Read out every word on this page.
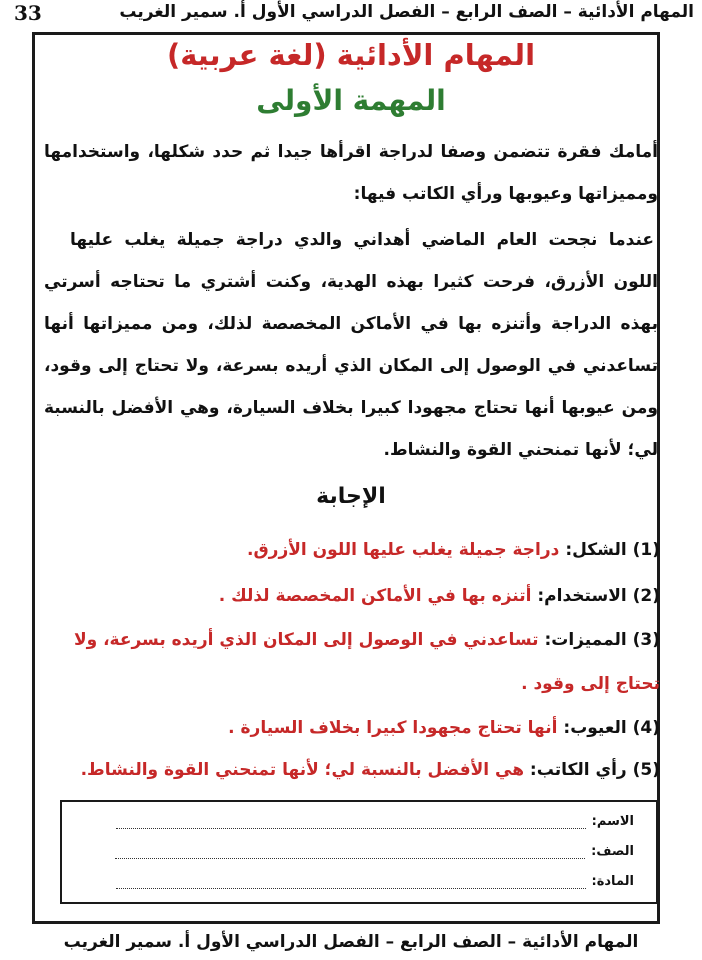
المهام الأدائية – الصف الرابع – الفصل الدراسي الأول أ. سمير الغريب
33
المهام الأدائية (لغة عربية)
المهمة الأولى
أمامك فقرة تتضمن وصفا لدراجة اقرأها جيدا ثم حدد شكلها، واستخدامها
ومميزاتها وعيوبها ورأي الكاتب فيها:
عندما نجحت العام الماضي أهداني والدي دراجة جميلة يغلب عليها
اللون الأزرق، فرحت كثيرا بهذه الهدية، وكنت أشتري ما تحتاجه أسرتي
بهذه الدراجة وأتنزه بها في الأماكن المخصصة لذلك، ومن مميزاتها أنها
تساعدني في الوصول إلى المكان الذي أريده بسرعة، ولا تحتاج إلى وقود،
ومن عيوبها أنها تحتاج مجهودا كبيرا بخلاف السيارة، وهي الأفضل بالنسبة
لي؛ لأنها تمنحني القوة والنشاط.
الإجابة
(1) الشكل: دراجة جميلة يغلب عليها اللون الأزرق.
(2) الاستخدام: أتنزه بها في الأماكن المخصصة لذلك .
(3) المميزات: تساعدني في الوصول إلى المكان الذي أريده بسرعة، ولا
تحتاج إلى وقود .
(4) العيوب: أنها تحتاج مجهودا كبيرا بخلاف السيارة .
(5) رأي الكاتب: هي الأفضل بالنسبة لي؛ لأنها تمنحني القوة والنشاط.
الاسم:
الصف:
المادة:
المهام الأدائية – الصف الرابع – الفصل الدراسي الأول أ. سمير الغريب
